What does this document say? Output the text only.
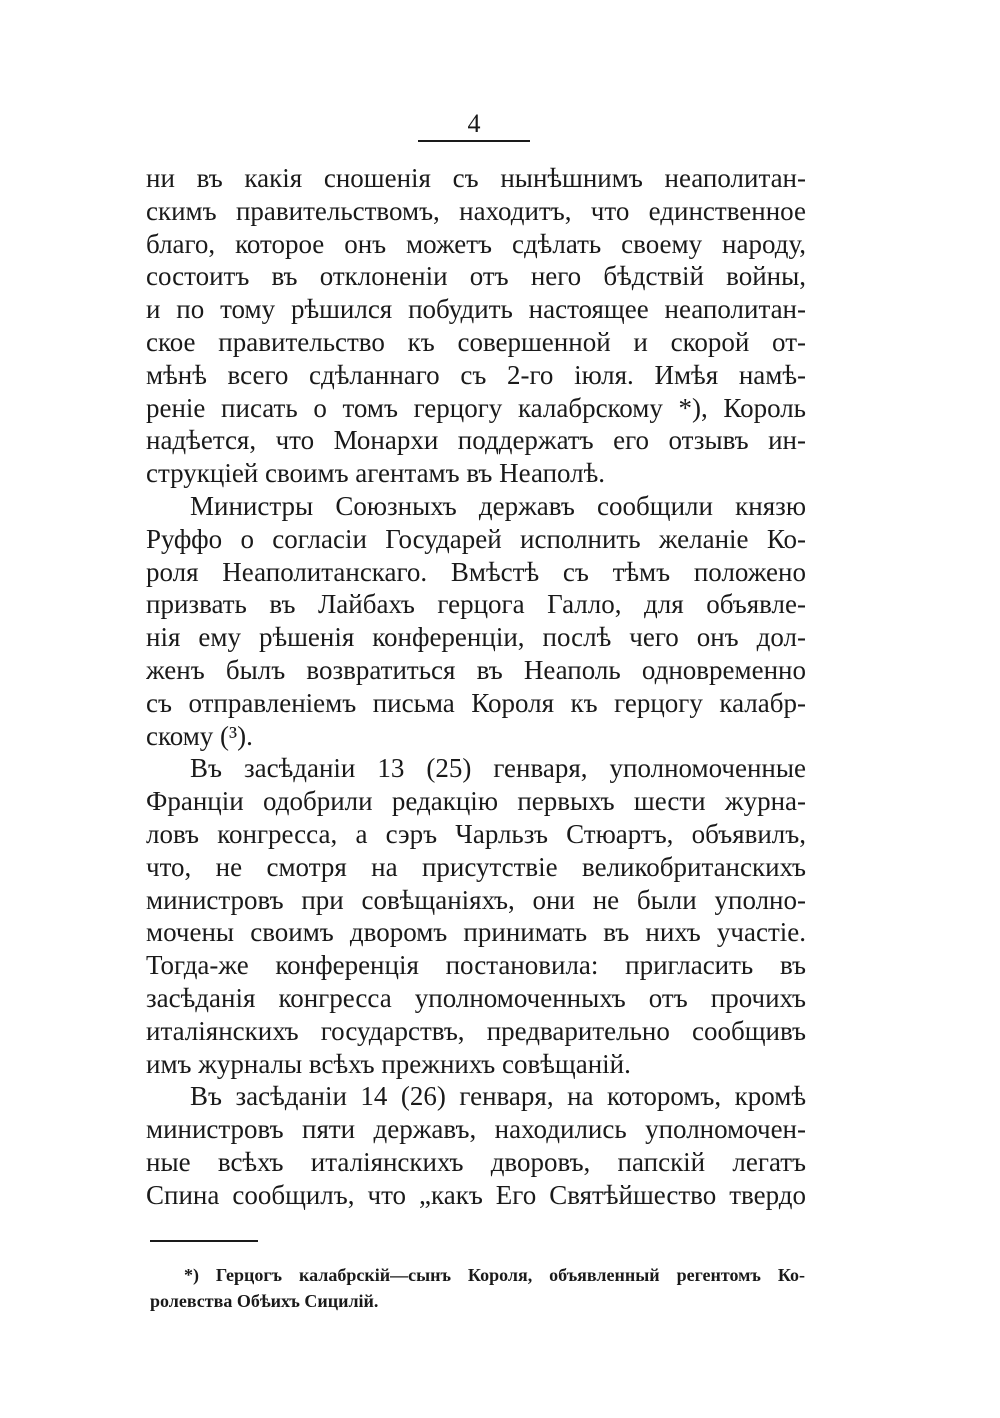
4
ни въ какія сношенія съ нынѣшнимъ неаполитан-
скимъ правительствомъ, находитъ, что единственное
благо, которое онъ можетъ сдѣлать своему народу,
состоитъ въ отклоненіи отъ него бѣдствій войны,
и по тому рѣшился побудить настоящее неаполитан-
ское правительство къ совершенной и скорой от-
мѣнѣ всего сдѣланнаго съ 2-го іюля. Имѣя намѣ-
реніе писать о томъ герцогу калабрскому *), Король
надѣется, что Монархи поддержатъ его отзывъ ин-
струкціей своимъ агентамъ въ Неаполѣ.
Министры Союзныхъ державъ сообщили князю
Руффо о согласіи Государей исполнить желаніе Ко-
роля Неаполитанскаго. Вмѣстѣ съ тѣмъ положено
призвать въ Лайбахъ герцога Галло, для объявле-
нія ему рѣшенія конференціи, послѣ чего онъ дол-
женъ былъ возвратиться въ Неаполь одновременно
съ отправленіемъ письма Короля къ герцогу калабр-
скому (³).
Въ засѣданіи 13 (25) генваря, уполномоченные
Франціи одобрили редакцію первыхъ шести журна-
ловъ конгресса, а сэръ Чарльзъ Стюартъ, объявилъ,
что, не смотря на присутствіе великобританскихъ
министровъ при совѣщаніяхъ, они не были уполно-
мочены своимъ дворомъ принимать въ нихъ участіе.
Тогда-же конференція постановила: пригласить въ
засѣданія конгресса уполномоченныхъ отъ прочихъ
италіянскихъ государствъ, предварительно сообщивъ
имъ журналы всѣхъ прежнихъ совѣщаній.
Въ засѣданіи 14 (26) генваря, на которомъ, кромѣ
министровъ пяти державъ, находились уполномочен-
ные всѣхъ италіянскихъ дворовъ, папскій легатъ
Спина сообщилъ, что „какъ Его Святѣйшество твердо
*) Герцогъ калабрскій—сынъ Короля, объявленный регентомъ Ко-
ролевства Обѣихъ Сицилій.
